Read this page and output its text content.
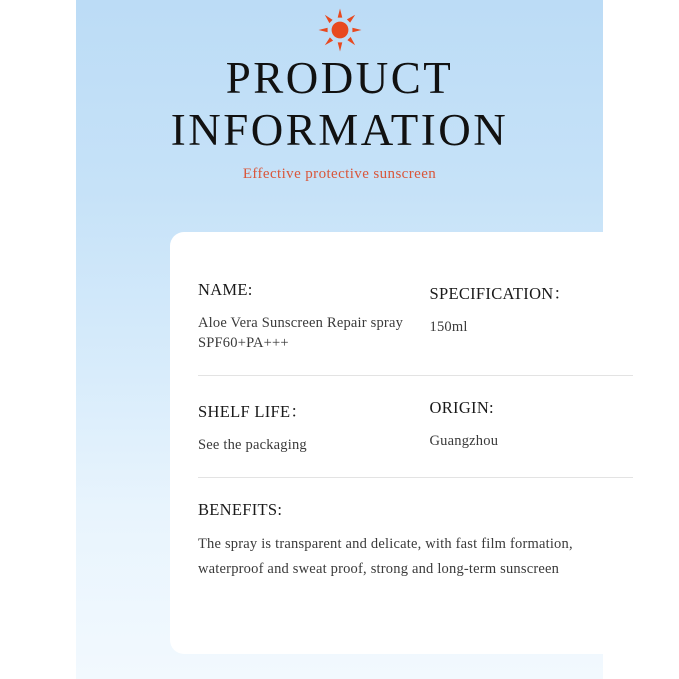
PRODUCT
INFORMATION
Effective protective sunscreen
NAME:
Aloe Vera Sunscreen Repair spray
SPF60+PA+++
SPECIFICATION：
150ml
SHELF LIFE：
See the packaging
ORIGIN:
Guangzhou
BENEFITS:
The spray is transparent and delicate, with fast film formation,
waterproof and sweat proof, strong and long-term sunscreen
